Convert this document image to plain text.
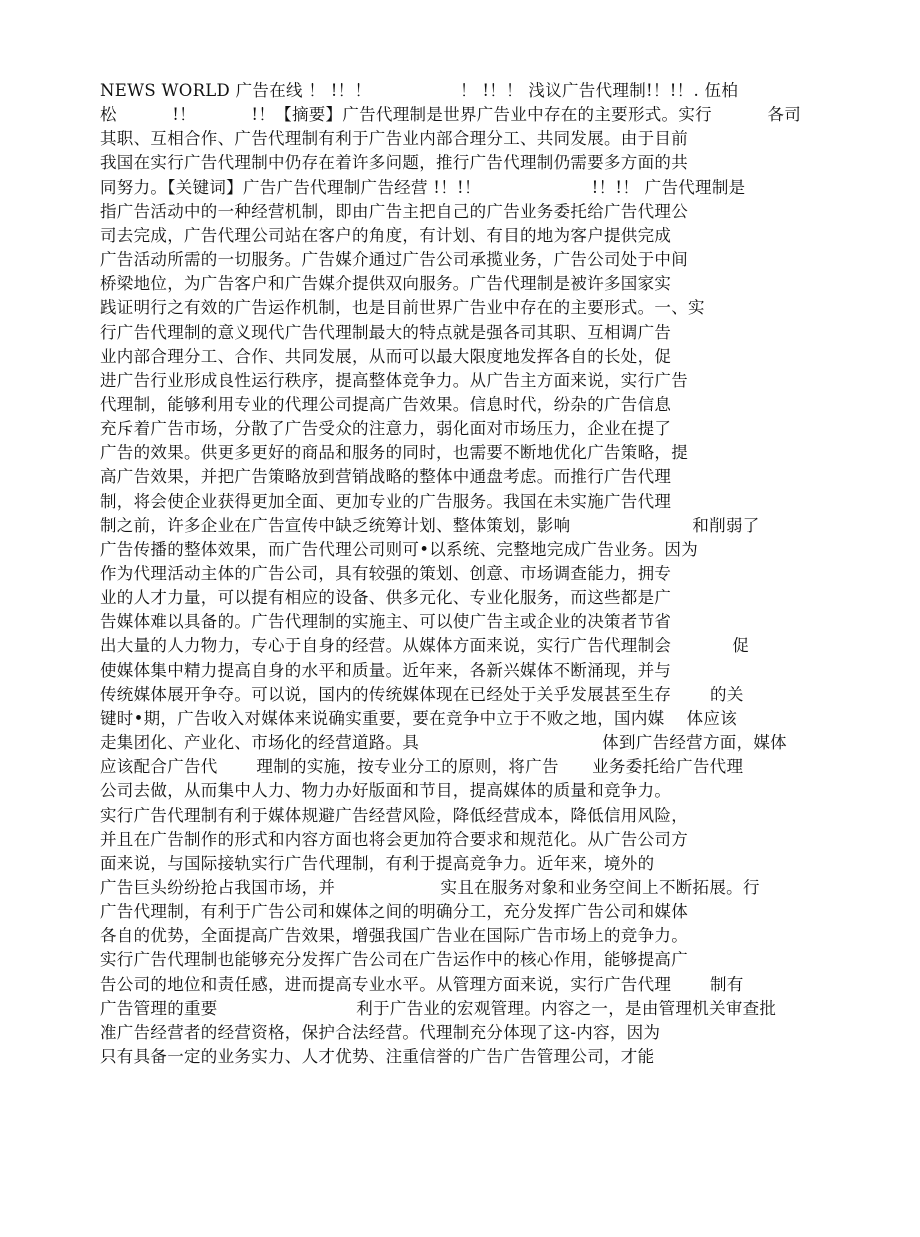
NEWS WORLD 广告在线 ！ !！！                ！ !！！ 浅议广告代理制!！!！. 伍柏
松          !！          !！【摘要】广告代理制是世界广告业中存在的主要形式。实行          各司
其职、互相合作、广告代理制有利于广告业内部合理分工、共同发展。由于目前
我国在实行广告代理制中仍存在着许多问题，推行广告代理制仍需要多方面的共
同努力。【关键词】广告广告代理制广告经营 !！!！                    !！!！ 广告代理制是
指广告活动中的一种经营机制，即由广告主把自己的广告业务委托给广告代理公
司去完成，广告代理公司站在客户的角度，有计划、有目的地为客户提供完成
广告活动所需的一切服务。广告媒介通过广告公司承揽业务，广告公司处于中间
桥梁地位，为广告客户和广告媒介提供双向服务。广告代理制是被许多国家实
践证明行之有效的广告运作机制，也是目前世界广告业中存在的主要形式。一、实
行广告代理制的意义现代广告代理制最大的特点就是强各司其职、互相调广告
业内部合理分工、合作、共同发展，从而可以最大限度地发挥各自的长处，促
进广告行业形成良性运行秩序，提高整体竞争力。从广告主方面来说，实行广告
代理制，能够利用专业的代理公司提高广告效果。信息时代，纷杂的广告信息
充斥着广告市场，分散了广告受众的注意力，弱化面对市场压力，企业在提了
广告的效果。供更多更好的商品和服务的同时，也需要不断地优化广告策略，提
高广告效果，并把广告策略放到营销战略的整体中通盘考虑。而推行广告代理
制，将会使企业获得更加全面、更加专业的广告服务。我国在未实施广告代理
制之前，许多企业在广告宣传中缺乏统筹计划、整体策划，影响                      和削弱了
广告传播的整体效果，而广告代理公司则可•以系统、完整地完成广告业务。因为
作为代理活动主体的广告公司，具有较强的策划、创意、市场调查能力，拥专
业的人才力量，可以提有相应的设备、供多元化、专业化服务，而这些都是广
告媒体难以具备的。广告代理制的实施主、可以使广告主或企业的决策者节省
出大量的人力物力，专心于自身的经营。从媒体方面来说，实行广告代理制会           促
使媒体集中精力提高自身的水平和质量。近年来，各新兴媒体不断涌现，并与
传统媒体展开争夺。可以说，国内的传统媒体现在已经处于关乎发展甚至生存       的关
键时•期，广告收入对媒体来说确实重要，要在竞争中立于不败之地，国内媒    体应该
走集团化、产业化、市场化的经营道路。具                                 体到广告经营方面，媒体
应该配合广告代       理制的实施，按专业分工的原则，将广告      业务委托给广告代理
公司去做，从而集中人力、物力办好版面和节目，提高媒体的质量和竞争力。
实行广告代理制有利于媒体规避广告经营风险，降低经营成本，降低信用风险，
并且在广告制作的形式和内容方面也将会更加符合要求和规范化。从广告公司方
面来说，与国际接轨实行广告代理制，有利于提高竞争力。近年来，境外的
广告巨头纷纷抢占我国市场，并                   实且在服务对象和业务空间上不断拓展。行
广告代理制，有利于广告公司和媒体之间的明确分工，充分发挥广告公司和媒体
各自的优势，全面提高广告效果，增强我国广告业在国际广告市场上的竞争力。
实行广告代理制也能够充分发挥广告公司在广告运作中的核心作用，能够提高广
告公司的地位和责任感，进而提高专业水平。从管理方面来说，实行广告代理       制有
广告管理的重要                         利于广告业的宏观管理。内容之一，是由管理机关审查批
准广告经营者的经营资格，保护合法经营。代理制充分体现了这-内容，因为
只有具备一定的业务实力、人才优势、注重信誉的广告广告管理公司，才能
